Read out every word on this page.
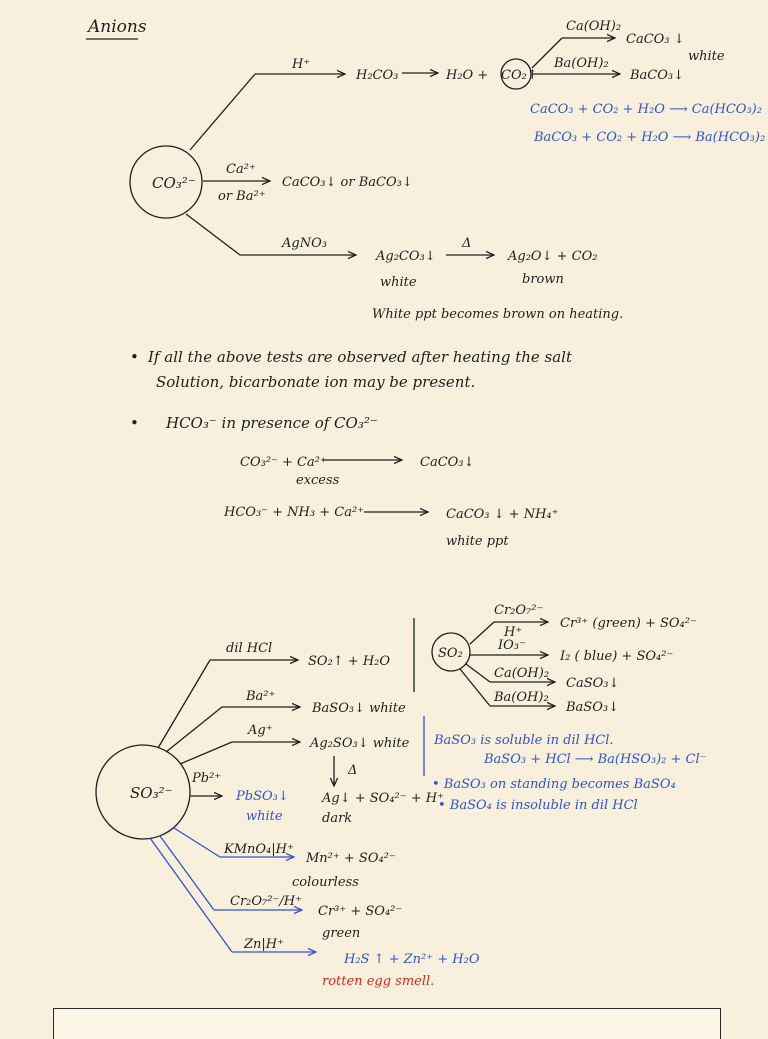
Anions
CO₃²⁻
H⁺
H₂CO₃	H₂O + CO₂↑
Ca(OH)₂
CaCO₃ ↓
white
Ba(OH)₂
BaCO₃↓
CaCO₃ + CO₂ + H₂O ⟶ Ca(HCO₃)₂
BaCO₃ + CO₂ + H₂O ⟶ Ba(HCO₃)₂
Ca²⁺
or Ba²⁺
CaCO₃↓ or BaCO₃↓
AgNO₃
Ag₂CO₃↓
white
Δ
Ag₂O↓ + CO₂
brown
White ppt becomes brown on heating.
• If all the above tests are observed after heating the salt
Solution, bicarbonate ion may be present.
• HCO₃⁻ in presence of CO₃²⁻
CO₃²⁻ + Ca²⁺
excess
CaCO₃↓
HCO₃⁻ + NH₃ + Ca²⁺	CaCO₃ ↓ + NH₄⁺
white ppt
SO₃²⁻
dil HCl
SO₂↑ + H₂O
Ba²⁺
BaSO₃↓ white
Ag⁺
Ag₂SO₃↓ white
Δ
Ag↓ + SO₄²⁻ + H⁺
dark
Pb²⁺
PbSO₃↓
white
KMnO₄|H⁺
Mn²⁺ + SO₄²⁻
colourless
Cr₂O₇²⁻/H⁺
Cr³⁺ + SO₄²⁻
green
Zn|H⁺
H₂S ↑ + Zn²⁺ + H₂O
rotten egg smell.
SO₂
Cr₂O₇²⁻
H⁺
Cr³⁺ (green) + SO₄²⁻
IO₃⁻
I₂ ( blue) + SO₄²⁻
Ca(OH)₂
CaSO₃↓
Ba(OH)₂
BaSO₃↓
BaSO₃ is soluble in dil HCl.
BaSO₃ + HCl ⟶ Ba(HSO₃)₂ + Cl⁻
• BaSO₃ on standing becomes BaSO₄
• BaSO₄ is insoluble in dil HCl
